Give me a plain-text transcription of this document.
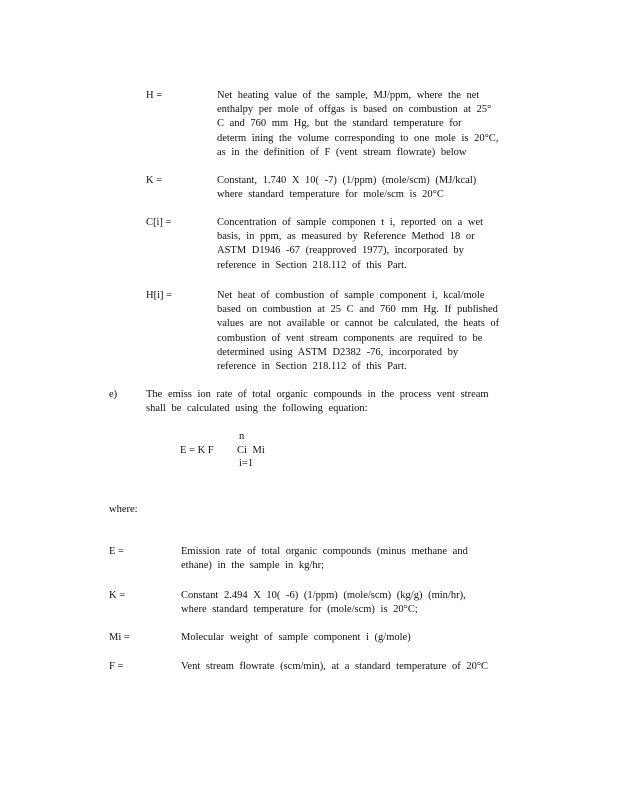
H =	Net heating value of the sample, MJ/ppm, where the net
enthalpy per mole of offgas is based on combustion at 25°
C and 760 mm Hg, but the standard temperature for
determ ining the volume corresponding to one mole is 20°C,
as in the definition of F (vent stream flowrate) below
K =	Constant, 1.740 X 10( -7) (1/ppm) (mole/scm) (MJ/kcal)
where standard temperature for mole/scm is 20°C
C[i] =	Concentration of sample componen t i, reported on a wet
basis, in ppm, as measured by Reference Method 18 or
ASTM D1946 -67 (reapproved 1977), incorporated by
reference in Section 218.112 of this Part.
H[i] =	Net heat of combustion of sample component i, kcal/mole
based on combustion at 25 C and 760 mm Hg. If published
values are not available or cannot be calculated, the heats of
combustion of vent stream components are required to be
determined using ASTM D2382 -76, incorporated by
reference in Section 218.112 of this Part.
e)	The emiss ion rate of total organic compounds in the process vent stream
shall be calculated using the following equation:
n
E = K F Ci Mi
i=1
where:
E =	Emission rate of total organic compounds (minus methane and
ethane) in the sample in kg/hr;
K =	Constant 2.494 X 10( -6) (1/ppm) (mole/scm) (kg/g) (min/hr),
where standard temperature for (mole/scm) is 20°C;
Mi =	Molecular weight of sample component i (g/mole)
F =	Vent stream flowrate (scm/min), at a standard temperature of 20°C
